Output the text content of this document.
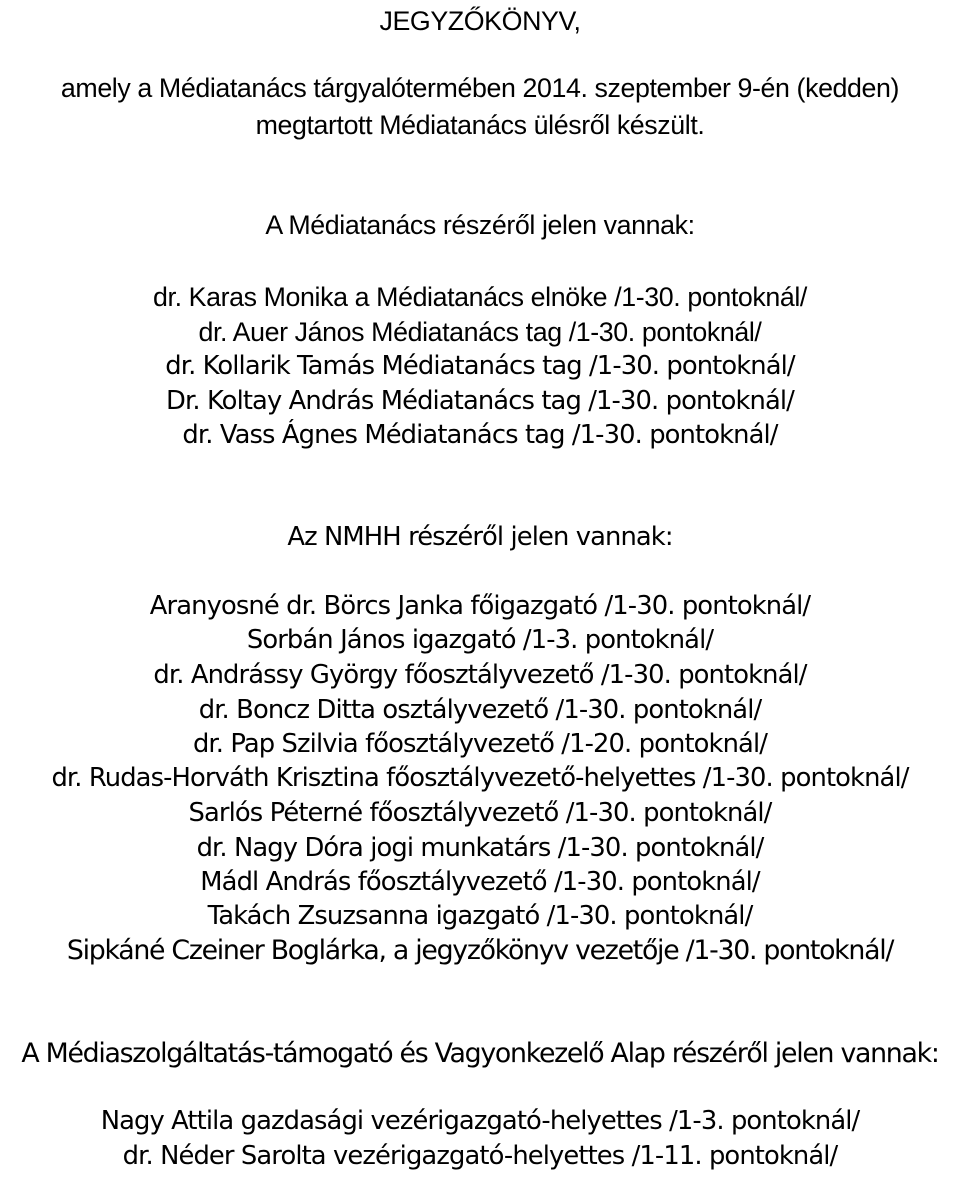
JEGYZŐKÖNYV,
amely a Médiatanács tárgyalótermében 2014. szeptember 9-én (kedden)
megtartott Médiatanács ülésről készült.
A Médiatanács részéről jelen vannak:
dr. Karas Monika a Médiatanács elnöke /1-30. pontoknál/
dr. Auer János Médiatanács tag /1-30. pontoknál/
dr. Kollarik Tamás Médiatanács tag /1-30. pontoknál/
Dr. Koltay András Médiatanács tag /1-30. pontoknál/
dr. Vass Ágnes Médiatanács tag /1-30. pontoknál/
Az NMHH részéről jelen vannak:
Aranyosné dr. Börcs Janka főigazgató /1-30. pontoknál/
Sorbán János igazgató /1-3. pontoknál/
dr. Andrássy György főosztályvezető /1-30. pontoknál/
dr. Boncz Ditta osztályvezető /1-30. pontoknál/
dr. Pap Szilvia főosztályvezető /1-20. pontoknál/
dr. Rudas-Horváth Krisztina főosztályvezető-helyettes /1-30. pontoknál/
Sarlós Péterné főosztályvezető /1-30. pontoknál/
dr. Nagy Dóra jogi munkatárs /1-30. pontoknál/
Mádl András főosztályvezető /1-30. pontoknál/
Takách Zsuzsanna igazgató /1-30. pontoknál/
Sipkáné Czeiner Boglárka, a jegyzőkönyv vezetője /1-30. pontoknál/
A Médiaszolgáltatás-támogató és Vagyonkezelő Alap részéről jelen vannak:
Nagy Attila gazdasági vezérigazgató-helyettes /1-3. pontoknál/
dr. Néder Sarolta vezérigazgató-helyettes /1-11. pontoknál/
